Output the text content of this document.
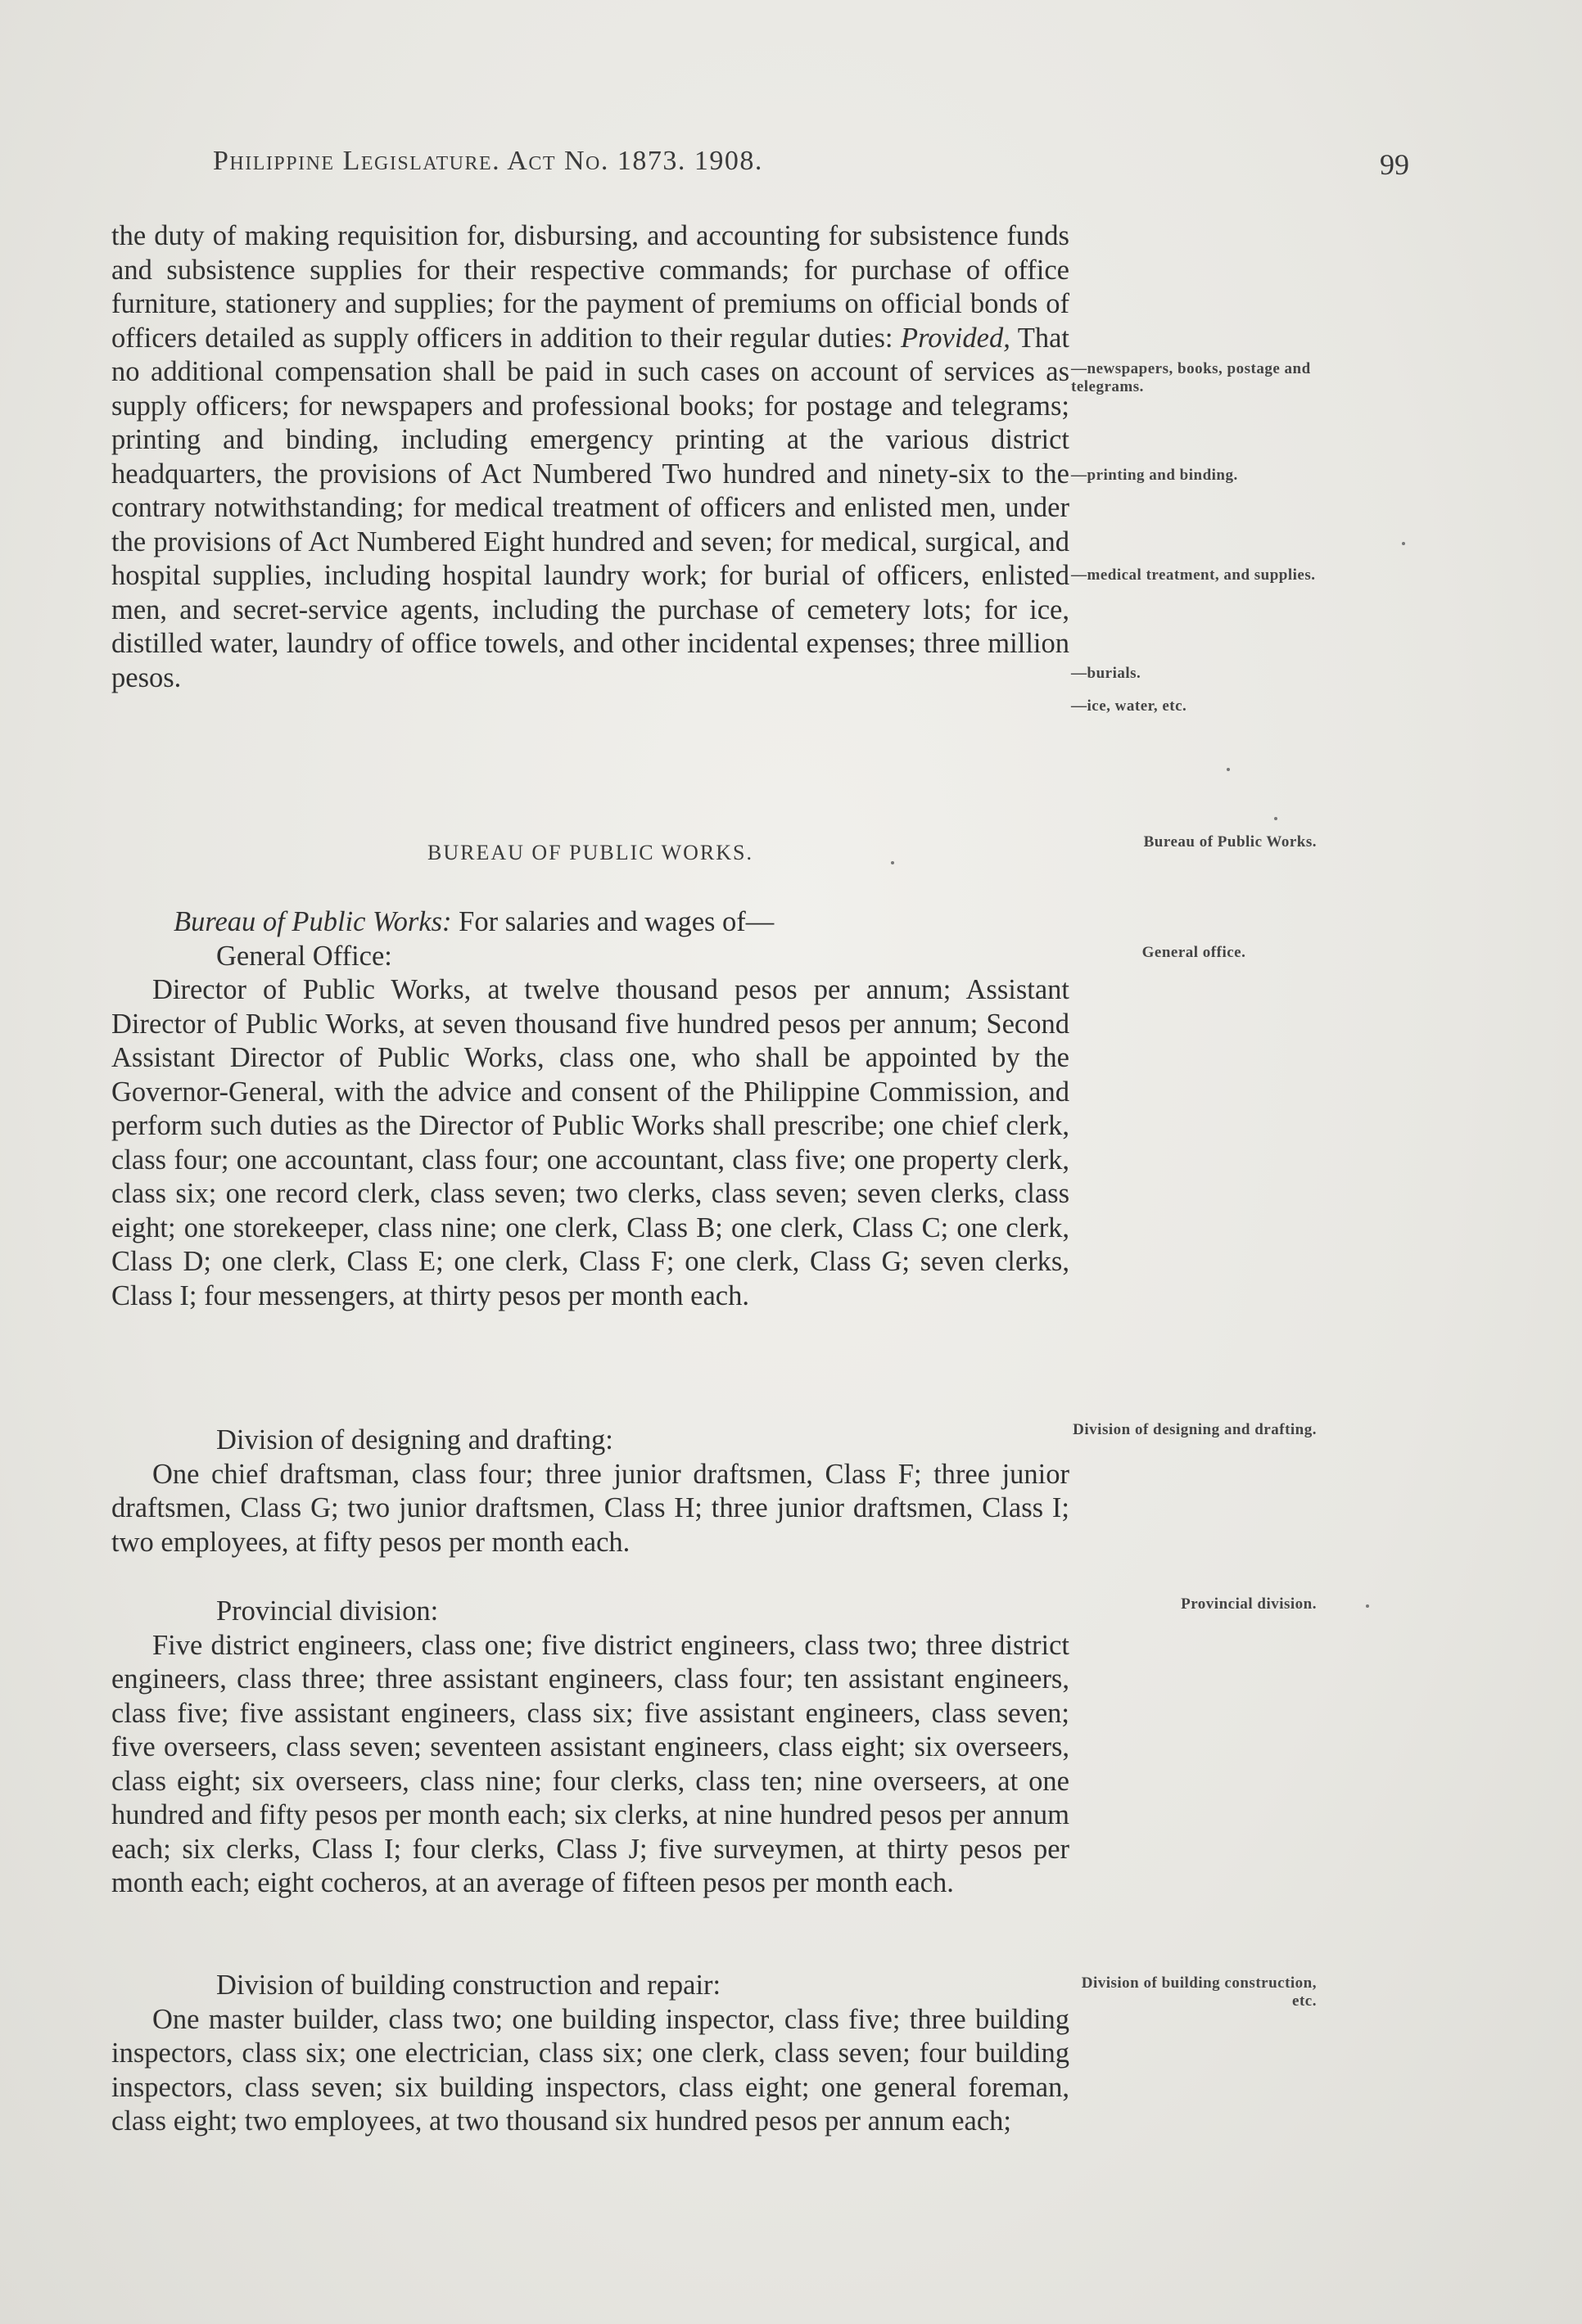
Philippine Legislature. Act No. 1873. 1908.	99

the duty of making requisition for, disbursing, and accounting for subsistence funds and subsistence supplies for their respective commands; for purchase of office furniture, stationery and supplies; for the payment of premiums on official bonds of officers detailed as supply officers in addition to their regular duties: Provided, That no additional compensation shall be paid in such cases on account of services as supply officers; for newspapers and professional books; for postage and telegrams; printing and binding, including emergency printing at the various district headquarters, the provisions of Act Numbered Two hundred and ninety-six to the contrary notwithstanding; for medical treatment of officers and enlisted men, under the provisions of Act Numbered Eight hundred and seven; for medical, surgical, and hospital supplies, including hospital laundry work; for burial of officers, enlisted men, and secret-service agents, including the purchase of cemetery lots; for ice, distilled water, laundry of office towels, and other incidental expenses; three million pesos.

BUREAU OF PUBLIC WORKS.

Bureau of Public Works: For salaries and wages of—

General Office:

Director of Public Works, at twelve thousand pesos per annum; Assistant Director of Public Works, at seven thousand five hundred pesos per annum; Second Assistant Director of Public Works, class one, who shall be appointed by the Governor-General, with the advice and consent of the Philippine Commission, and perform such duties as the Director of Public Works shall prescribe; one chief clerk, class four; one accountant, class four; one accountant, class five; one property clerk, class six; one record clerk, class seven; two clerks, class seven; seven clerks, class eight; one storekeeper, class nine; one clerk, Class B; one clerk, Class C; one clerk, Class D; one clerk, Class E; one clerk, Class F; one clerk, Class G; seven clerks, Class I; four messengers, at thirty pesos per month each.

Division of designing and drafting:

One chief draftsman, class four; three junior draftsmen, Class F; three junior draftsmen, Class G; two junior draftsmen, Class H; three junior draftsmen, Class I; two employees, at fifty pesos per month each.

Provincial division:

Five district engineers, class one; five district engineers, class two; three district engineers, class three; three assistant engineers, class four; ten assistant engineers, class five; five assistant engineers, class six; five assistant engineers, class seven; five overseers, class seven; seventeen assistant engineers, class eight; six overseers, class eight; six overseers, class nine; four clerks, class ten; nine overseers, at one hundred and fifty pesos per month each; six clerks, at nine hundred pesos per annum each; six clerks, Class I; four clerks, Class J; five surveymen, at thirty pesos per month each; eight cocheros, at an average of fifteen pesos per month each.

Division of building construction and repair:

One master builder, class two; one building inspector, class five; three building inspectors, class six; one electrician, class six; one clerk, class seven; four building inspectors, class seven; six building inspectors, class eight; one general foreman, class eight; two employees, at two thousand six hundred pesos per annum each;

—newspapers, books, postage and telegrams.
—printing and binding.
—medical treatment, and supplies.
—burials.
—ice, water, etc.
Bureau of Public Works.
General office.
Division of designing and drafting.
Provincial division.
Division of building construction, etc.
